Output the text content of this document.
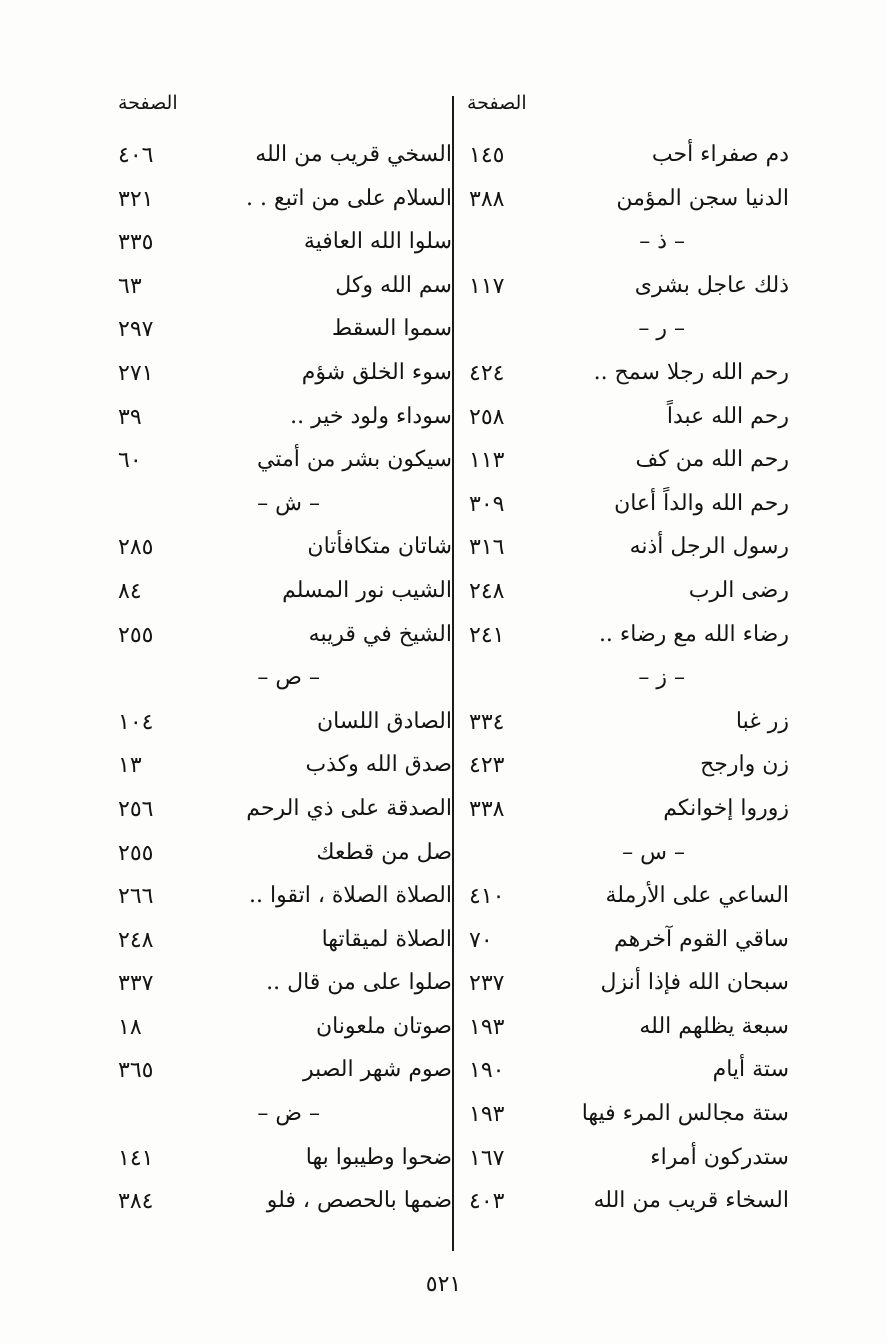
الصفحة
دم صفراء أحب
١٤٥
الدنيا سجن المؤمن
٣٨٨
– ذ –
ذلك عاجل بشرى
١١٧
– ر –
رحم الله رجلا سمح ..
٤٢٤
رحم الله عبداً
٢٥٨
رحم الله من كف
١١٣
رحم الله والداً أعان
٣٠٩
رسول الرجل أذنه
٣١٦
رضى الرب
٢٤٨
رضاء الله مع رضاء ..
٢٤١
– ز –
زر غبا
٣٣٤
زن وارجح
٤٢٣
زوروا إخوانكم
٣٣٨
– س –
الساعي على الأرملة
٤١٠
ساقي القوم آخرهم
٧٠
سبحان الله فإذا أنزل
٢٣٧
سبعة يظلهم الله
١٩٣
ستة أيام
١٩٠
ستة مجالس المرء فيها
١٩٣
ستدركون أمراء
١٦٧
السخاء قريب من الله
٤٠٣
الصفحة
السخي قريب من الله
٤٠٦
السلام على من اتبع . .
٣٢١
سلوا الله العافية
٣٣٥
سم الله وكل
٦٣
سموا السقط
٢٩٧
سوء الخلق شؤم
٢٧١
سوداء ولود خير ..
٣٩
سيكون بشر من أمتي
٦٠
– ش –
شاتان متكافأتان
٢٨٥
الشيب نور المسلم
٨٤
الشيخ في قريبه
٢٥٥
– ص –
الصادق اللسان
١٠٤
صدق الله وكذب
١٣
الصدقة على ذي الرحم
٢٥٦
صل من قطعك
٢٥٥
الصلاة الصلاة ، اتقوا ..
٢٦٦
الصلاة لميقاتها
٢٤٨
صلوا على من قال ..
٣٣٧
صوتان ملعونان
١٨
صوم شهر الصبر
٣٦٥
– ض –
ضحوا وطيبوا بها
١٤١
ضمها بالحصص ، فلو
٣٨٤
٥٢١
